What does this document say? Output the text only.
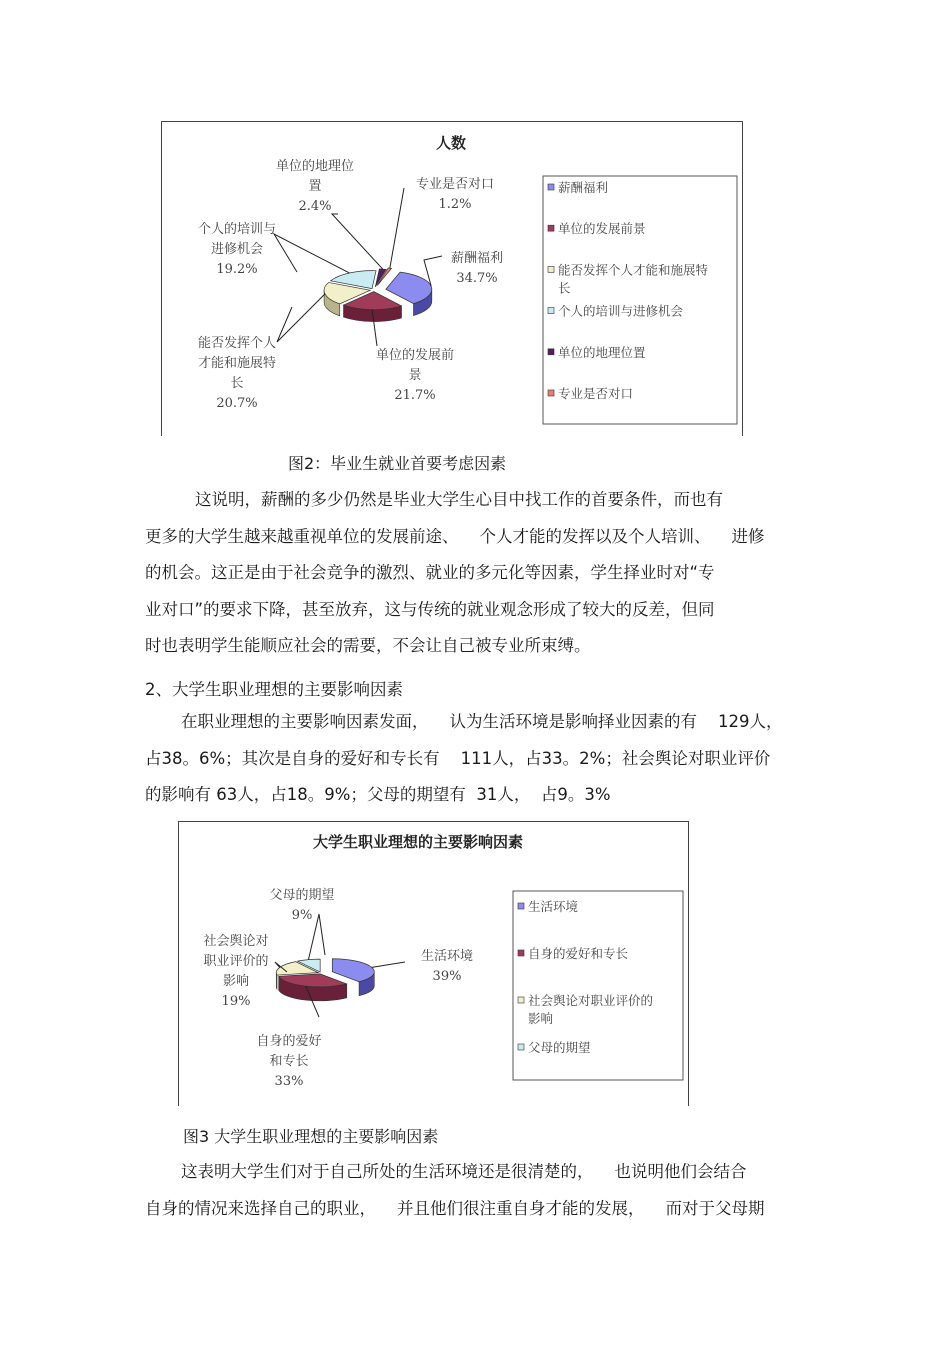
人数
薪酬福利 34.7%
单位的发展前景 21.7%
能否发挥个人才能和施展特长 20.7%
个人的培训与进修机会 19.2%
单位的地理位置 2.4%
专业是否对口 1.2%
薪酬福利
单位的发展前景
能否发挥个人才能和施展特长
个人的培训与进修机会
单位的地理位置
专业是否对口
图2：毕业生就业首要考虑因素

这说明，薪酬的多少仍然是毕业大学生心目中找工作的首要条件，而也有
更多的大学生越来越重视单位的发展前途、    个人才能的发挥以及个人培训、    进修
的机会。这正是由于社会竞争的激烈、就业的多元化等因素，学生择业时对“专
业对口”的要求下降，甚至放弃，这与传统的就业观念形成了较大的反差，但同
时也表明学生能顺应社会的需要，不会让自己被专业所束缚。

2、大学生职业理想的主要影响因素

在职业理想的主要影响因素发面，    认为生活环境是影响择业因素的有    129人，
占38。6%；其次是自身的爱好和专长有    111人，占33。2%；社会舆论对职业评价
的影响有 63人，占18。9%；父母的期望有  31人，  占9。3%

大学生职业理想的主要影响因素
生活环境 39%
自身的爱好和专长 33%
社会舆论对职业评价的影响 19%
父母的期望 9%
生活环境
自身的爱好和专长
社会舆论对职业评价的影响
父母的期望
图3 大学生职业理想的主要影响因素

这表明大学生们对于自己所处的生活环境还是很清楚的，    也说明他们会结合
自身的情况来选择自己的职业，    并且他们很注重自身才能的发展，    而对于父母期
